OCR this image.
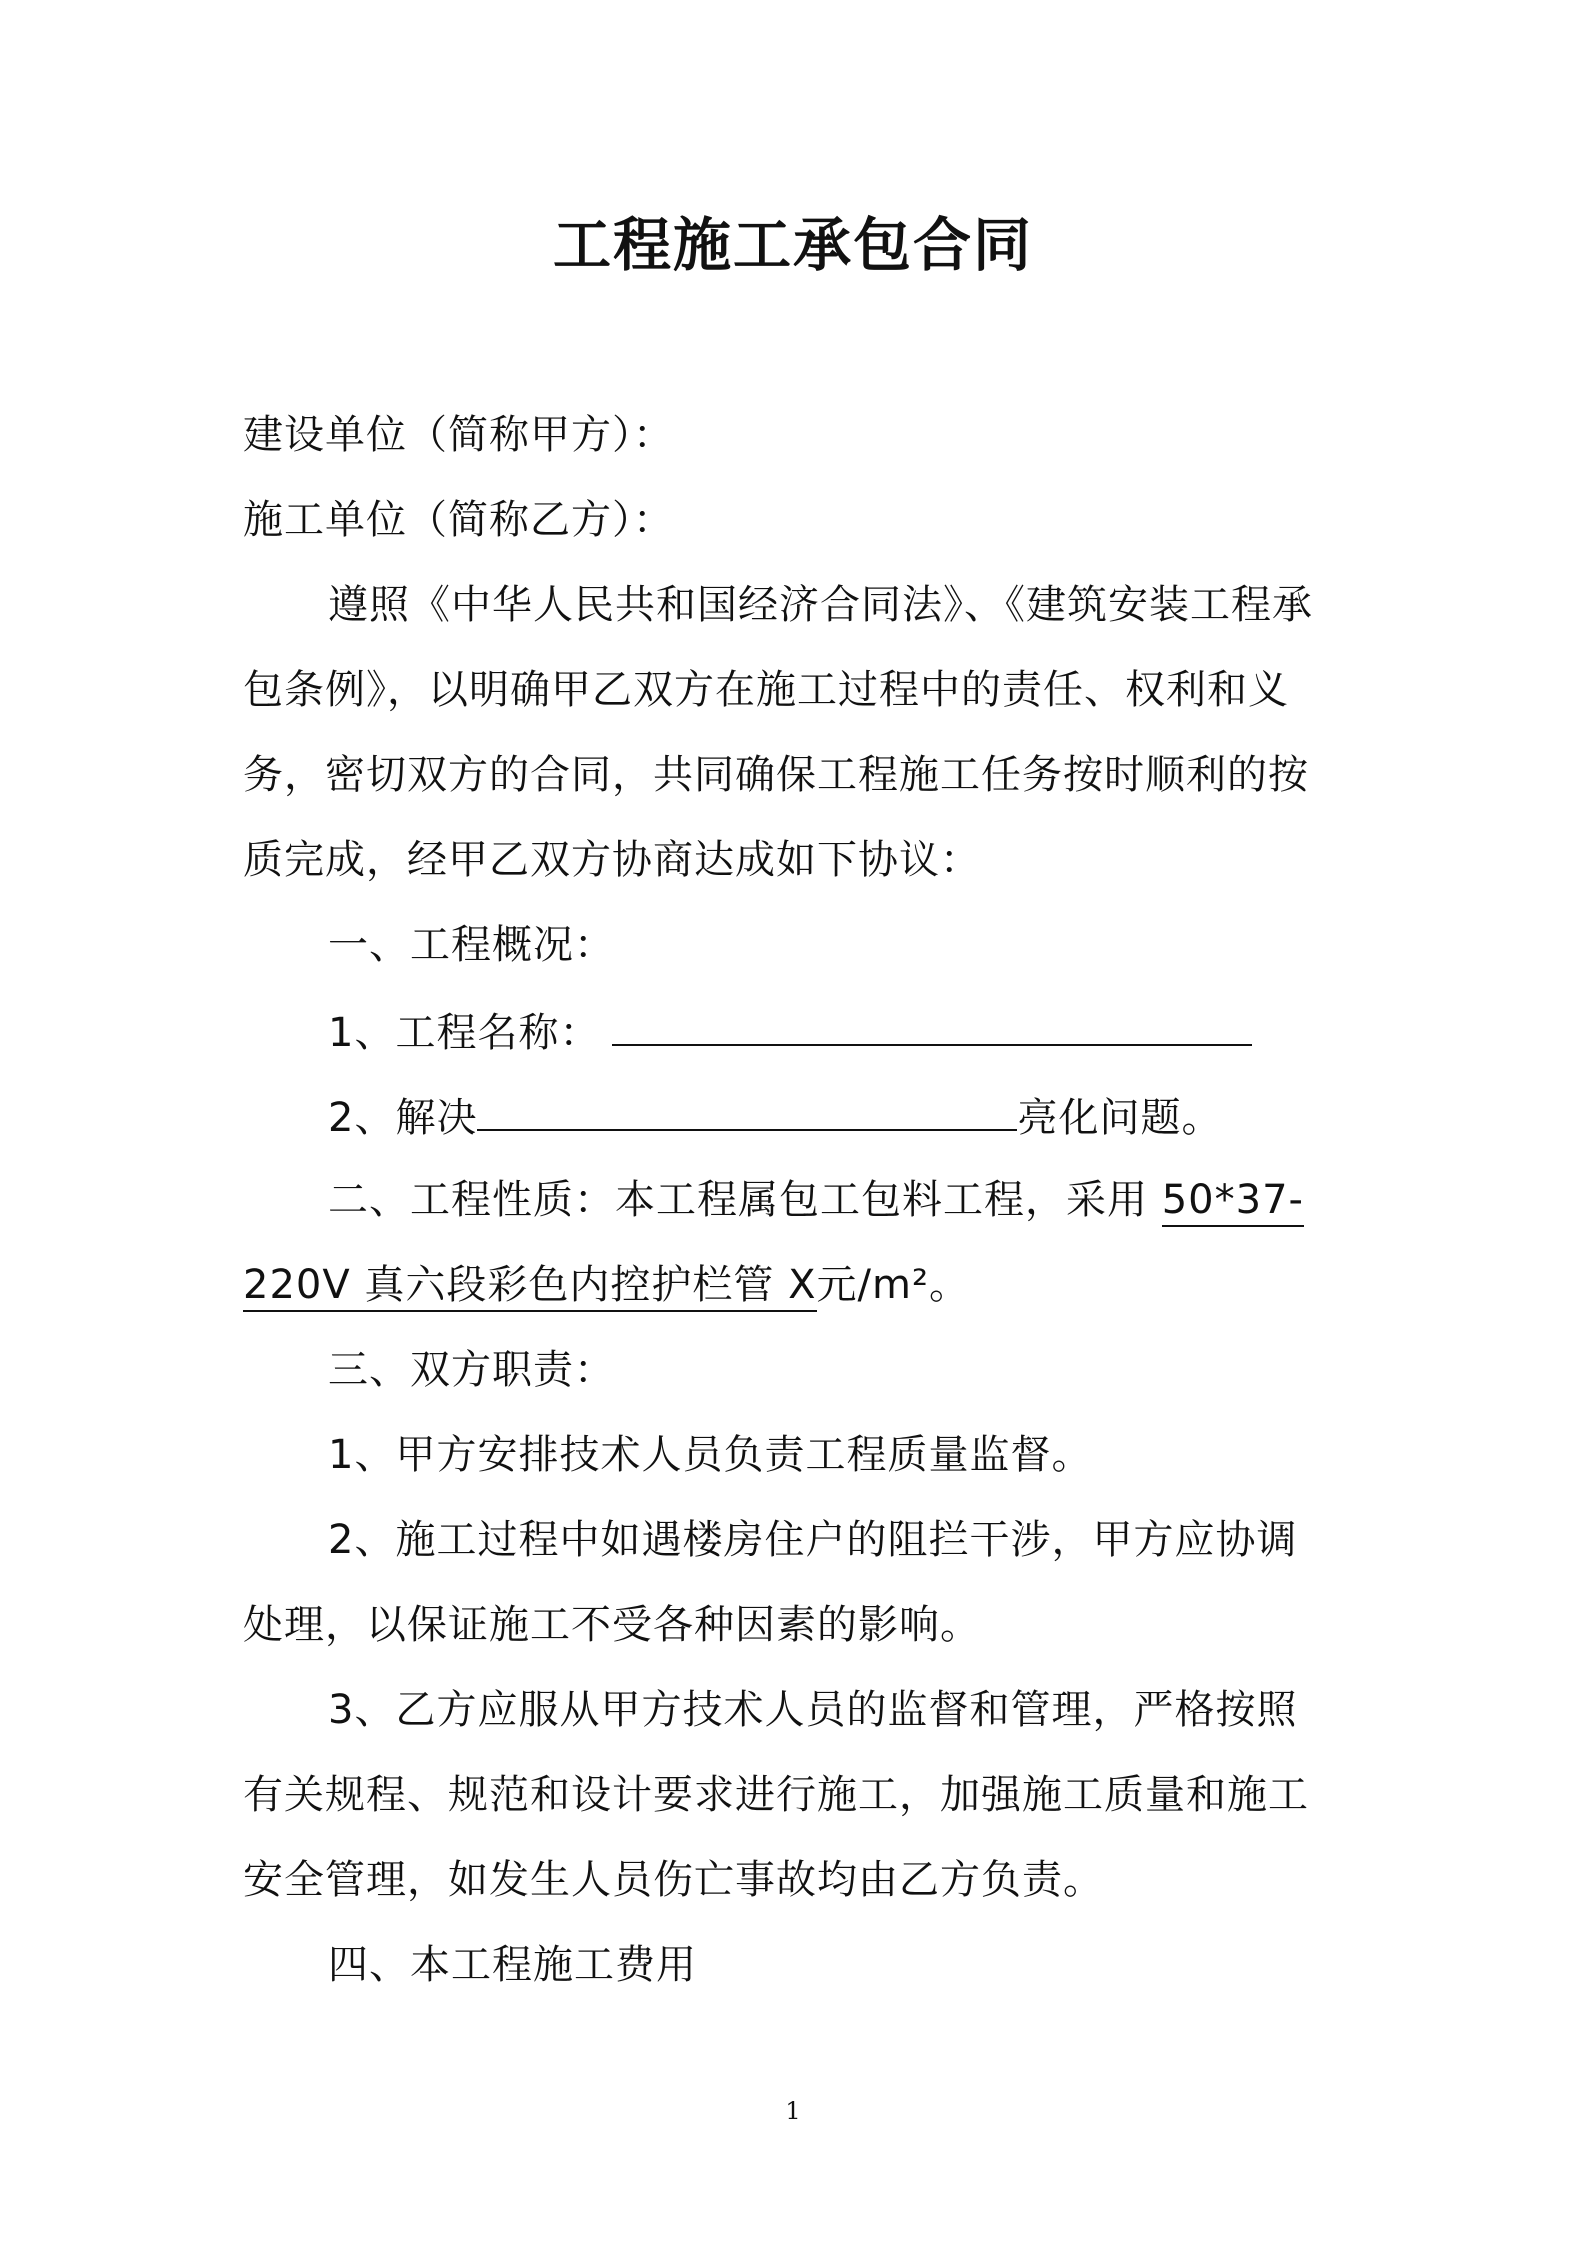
工程施工承包合同
建设单位（简称甲方）：
施工单位（简称乙方）：
遵照《中华人民共和国经济合同法》、《建筑安装工程承
包条例》，以明确甲乙双方在施工过程中的责任、权利和义
务，密切双方的合同，共同确保工程施工任务按时顺利的按
质完成，经甲乙双方协商达成如下协议：
一、工程概况：
1、工程名称：
2、解决	亮化问题。
二、工程性质：本工程属包工包料工程，采用 50*37-
220V 真六段彩色内控护栏管 X元/m²。
三、双方职责：
1、甲方安排技术人员负责工程质量监督。
2、施工过程中如遇楼房住户的阻拦干涉，甲方应协调
处理，以保证施工不受各种因素的影响。
3、乙方应服从甲方技术人员的监督和管理，严格按照
有关规程、规范和设计要求进行施工，加强施工质量和施工
安全管理，如发生人员伤亡事故均由乙方负责。
四、本工程施工费用
1
